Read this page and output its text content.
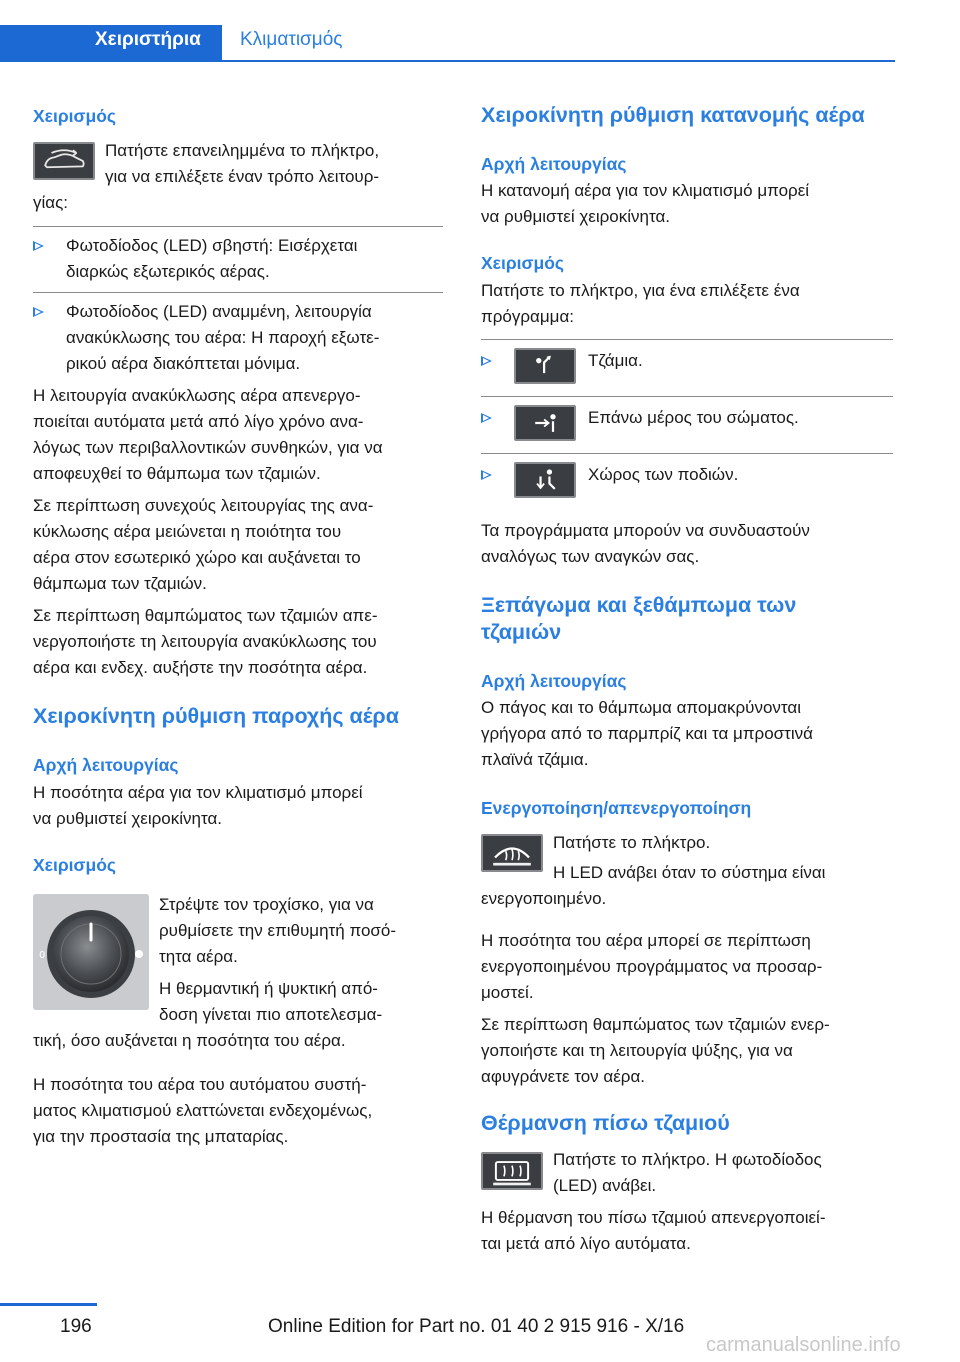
Χειριστήρια Κλιματισμός
Χειρισμός
Πατήστε επανειλημμένα το πλήκτρο,
για να επιλέξετε έναν τρόπο λειτουρ‐
γίας:
Φωτοδίοδος (LED) σβηστή: Εισέρχεται
διαρκώς εξωτερικός αέρας.
Φωτοδίοδος (LED) αναμμένη, λειτουργία
ανακύκλωσης του αέρα: Η παροχή εξωτε‐
ρικού αέρα διακόπτεται μόνιμα.
Η λειτουργία ανακύκλωσης αέρα απενεργο‐
ποιείται αυτόματα μετά από λίγο χρόνο ανα‐
λόγως των περιβαλλοντικών συνθηκών, για να
αποφευχθεί το θάμπωμα των τζαμιών.
Σε περίπτωση συνεχούς λειτουργίας της ανα‐
κύκλωσης αέρα μειώνεται η ποιότητα του
αέρα στον εσωτερικό χώρο και αυξάνεται το
θάμπωμα των τζαμιών.
Σε περίπτωση θαμπώματος των τζαμιών απε‐
νεργοποιήστε τη λειτουργία ανακύκλωσης του
αέρα και ενδεχ. αυξήστε την ποσότητα αέρα.
Χειροκίνητη ρύθμιση παροχής αέρα
Αρχή λειτουργίας
Η ποσότητα αέρα για τον κλιματισμό μπορεί
να ρυθμιστεί χειροκίνητα.
Χειρισμός
0
Στρέψτε τον τροχίσκο, για να
ρυθμίσετε την επιθυμητή ποσό‐
τητα αέρα.
Η θερμαντική ή ψυκτική από‐
δοση γίνεται πιο αποτελεσμα‐
τική, όσο αυξάνεται η ποσότητα του αέρα.
Η ποσότητα του αέρα του αυτόματου συστή‐
ματος κλιματισμού ελαττώνεται ενδεχομένως,
για την προστασία της μπαταρίας.
Χειροκίνητη ρύθμιση κατανομής αέρα
Αρχή λειτουργίας
Η κατανομή αέρα για τον κλιματισμό μπορεί
να ρυθμιστεί χειροκίνητα.
Χειρισμός
Πατήστε το πλήκτρο, για ένα επιλέξετε ένα
πρόγραμμα:
Τζάμια.
Επάνω μέρος του σώματος.
Χώρος των ποδιών.
Τα προγράμματα μπορούν να συνδυαστούν
αναλόγως των αναγκών σας.
Ξεπάγωμα και ξεθάμπωμα των
τζαμιών
Αρχή λειτουργίας
Ο πάγος και το θάμπωμα απομακρύνονται
γρήγορα από το παρμπρίζ και τα μπροστινά
πλαϊνά τζάμια.
Ενεργοποίηση/απενεργοποίηση
Πατήστε το πλήκτρο.
Η LED ανάβει όταν το σύστημα είναι
ενεργοποιημένο.
Η ποσότητα του αέρα μπορεί σε περίπτωση
ενεργοποιημένου προγράμματος να προσαρ‐
μοστεί.
Σε περίπτωση θαμπώματος των τζαμιών ενερ‐
γοποιήστε και τη λειτουργία ψύξης, για να
αφυγράνετε τον αέρα.
Θέρμανση πίσω τζαμιού
Πατήστε το πλήκτρο. Η φωτοδίοδος
(LED) ανάβει.
Η θέρμανση του πίσω τζαμιού απενεργοποιεί‐
ται μετά από λίγο αυτόματα.
196	Online Edition for Part no. 01 40 2 915 916 - X/16
carmanualsonline.info
